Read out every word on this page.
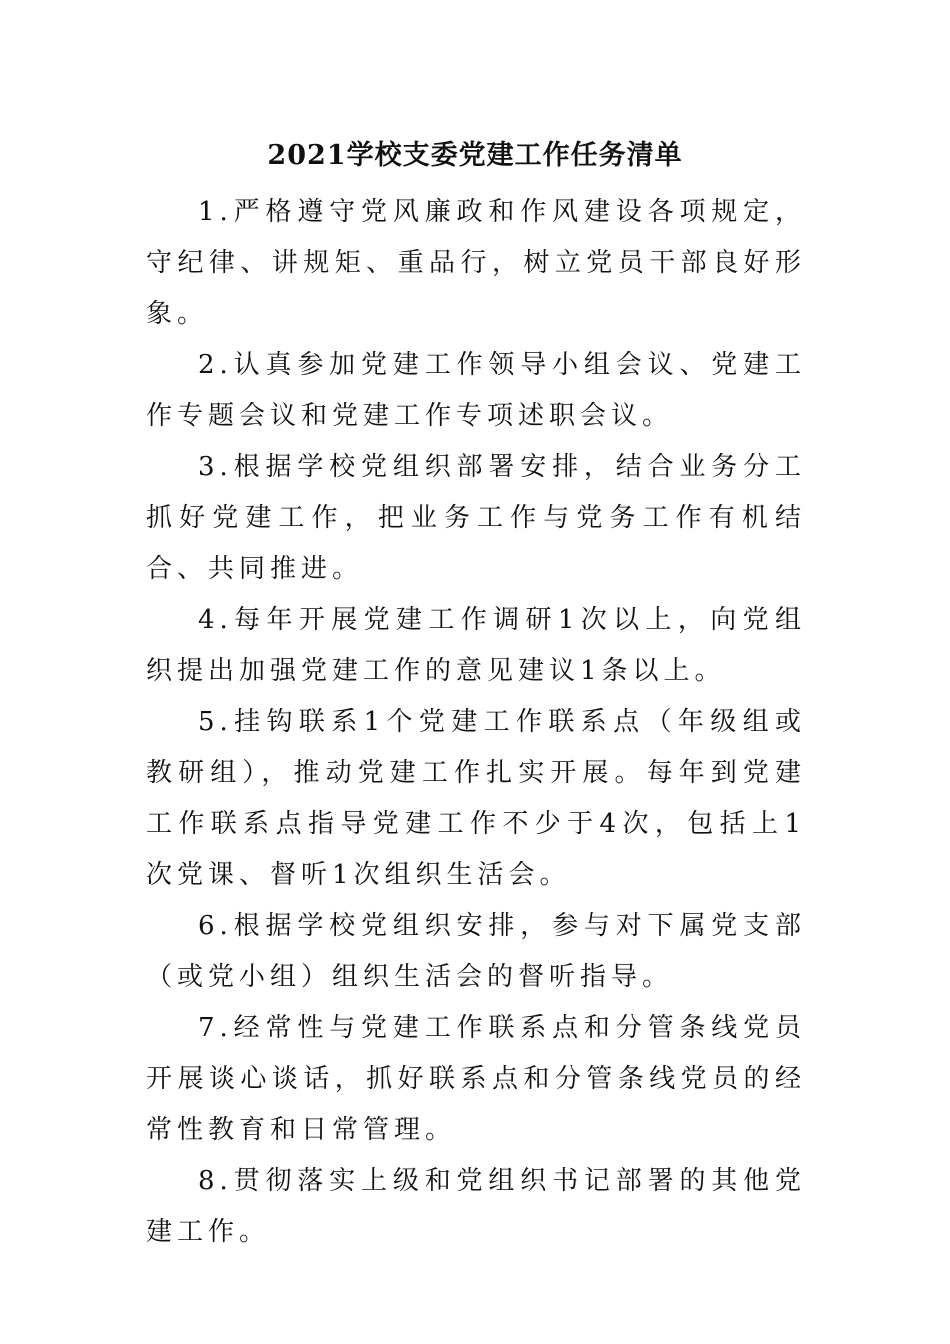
2021学校支委党建工作任务清单

1.严格遵守党风廉政和作风建设各项规定，守纪律、讲规矩、重品行，树立党员干部良好形象。

2.认真参加党建工作领导小组会议、党建工作专题会议和党建工作专项述职会议。

3.根据学校党组织部署安排，结合业务分工抓好党建工作，把业务工作与党务工作有机结合、共同推进。

4.每年开展党建工作调研1次以上，向党组织提出加强党建工作的意见建议1条以上。

5.挂钩联系1个党建工作联系点（年级组或教研组），推动党建工作扎实开展。每年到党建工作联系点指导党建工作不少于4次，包括上1次党课、督听1次组织生活会。

6.根据学校党组织安排，参与对下属党支部（或党小组）组织生活会的督听指导。

7.经常性与党建工作联系点和分管条线党员开展谈心谈话，抓好联系点和分管条线党员的经常性教育和日常管理。

8.贯彻落实上级和党组织书记部署的其他党建工作。
